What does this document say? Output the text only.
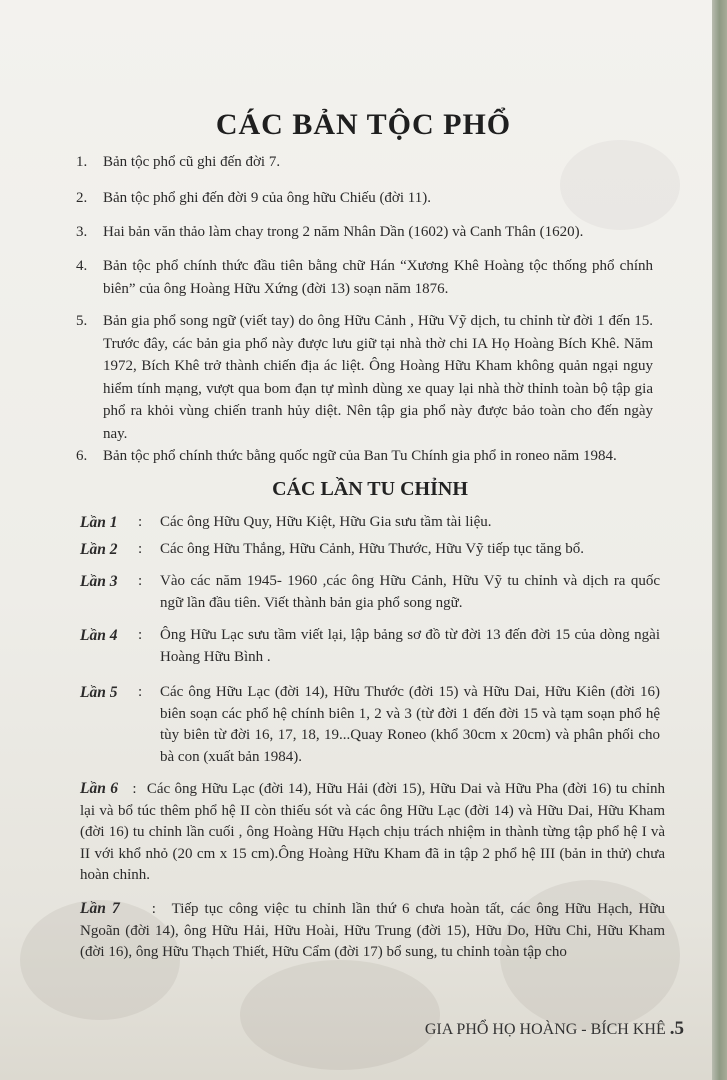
CÁC BẢN TỘC PHỔ
1.	Bản tộc phổ cũ ghi đến đời 7.
2.	Bản tộc phổ ghi đến đời 9 của ông hữu Chiếu (đời 11).
3.	Hai bản văn thảo làm chay trong 2 năm Nhân Dần (1602) và Canh Thân (1620).
4.	Bản tộc phổ chính thức đầu tiên bằng chữ Hán “Xương Khê Hoàng tộc thống phổ chính biên” của ông Hoàng Hữu Xứng (đời 13) soạn năm 1876.
5.	Bản gia phổ song ngữ (viết tay) do ông Hữu Cảnh , Hữu Vỹ dịch, tu chỉnh từ đời 1 đến 15. Trước đây, các bản gia phổ này được lưu giữ tại nhà thờ chi IA Họ Hoàng Bích Khê. Năm 1972, Bích Khê trở thành chiến địa ác liệt. Ông Hoàng Hữu Kham không quản ngại nguy hiểm tính mạng, vượt qua bom đạn tự mình dùng xe quay lại nhà thờ thỉnh toàn bộ tập gia phổ ra khỏi vùng chiến tranh hủy diệt. Nên tập gia phổ này được bảo toàn cho đến ngày nay.
6.	Bản tộc phổ chính thức bằng quốc ngữ của Ban Tu Chính gia phổ in roneo năm 1984.
CÁC LẦN TU CHỈNH
Lần 1 : Các ông Hữu Quy, Hữu Kiệt, Hữu Gia sưu tầm tài liệu.
Lần 2 : Các ông Hữu Thắng, Hữu Cảnh, Hữu Thước, Hữu Vỹ tiếp tục tăng bổ.
Lần 3 : Vào các năm 1945- 1960 ,các ông Hữu Cảnh, Hữu Vỹ tu chỉnh và dịch ra quốc ngữ lần đầu tiên. Viết thành bản gia phổ song ngữ.
Lần 4 : Ông Hữu Lạc sưu tầm viết lại, lập bảng sơ đồ từ đời 13 đến đời 15 của dòng ngài Hoàng Hữu Bình .
Lần 5 : Các ông Hữu Lạc (đời 14), Hữu Thước (đời 15) và Hữu Dai, Hữu Kiên (đời 16) biên soạn các phổ hệ chính biên 1, 2 và 3 (từ đời 1 đến đời 15 và tạm soạn phổ hệ tùy biên từ đời 16, 17, 18, 19...Quay Roneo (khổ 30cm x 20cm) và phân phối cho bà con (xuất bản 1984).
Lần 6 : Các ông Hữu Lạc (đời 14), Hữu Hải (đời 15), Hữu Dai và Hữu Pha (đời 16) tu chỉnh lại và bổ túc thêm phổ hệ II còn thiếu sót và các ông Hữu Lạc (đời 14) và Hữu Dai, Hữu Kham (đời 16) tu chỉnh lần cuối , ông Hoàng Hữu Hạch chịu trách nhiệm in thành từng tập phổ hệ I và II với khổ nhỏ (20 cm x 15 cm).Ông Hoàng Hữu Kham đã in tập 2 phổ hệ III (bản in thử) chưa hoàn chỉnh.
Lần 7 : Tiếp tục công việc tu chỉnh lần thứ 6 chưa hoàn tất, các ông Hữu Hạch, Hữu Ngoãn (đời 14), ông Hữu Hải, Hữu Hoài, Hữu Trung (đời 15), Hữu Do, Hữu Chi, Hữu Kham (đời 16), ông Hữu Thạch Thiết, Hữu Cẩm (đời 17) bổ sung, tu chỉnh toàn tập cho
GIA PHỔ HỌ HOÀNG - BÍCH KHÊ .5
